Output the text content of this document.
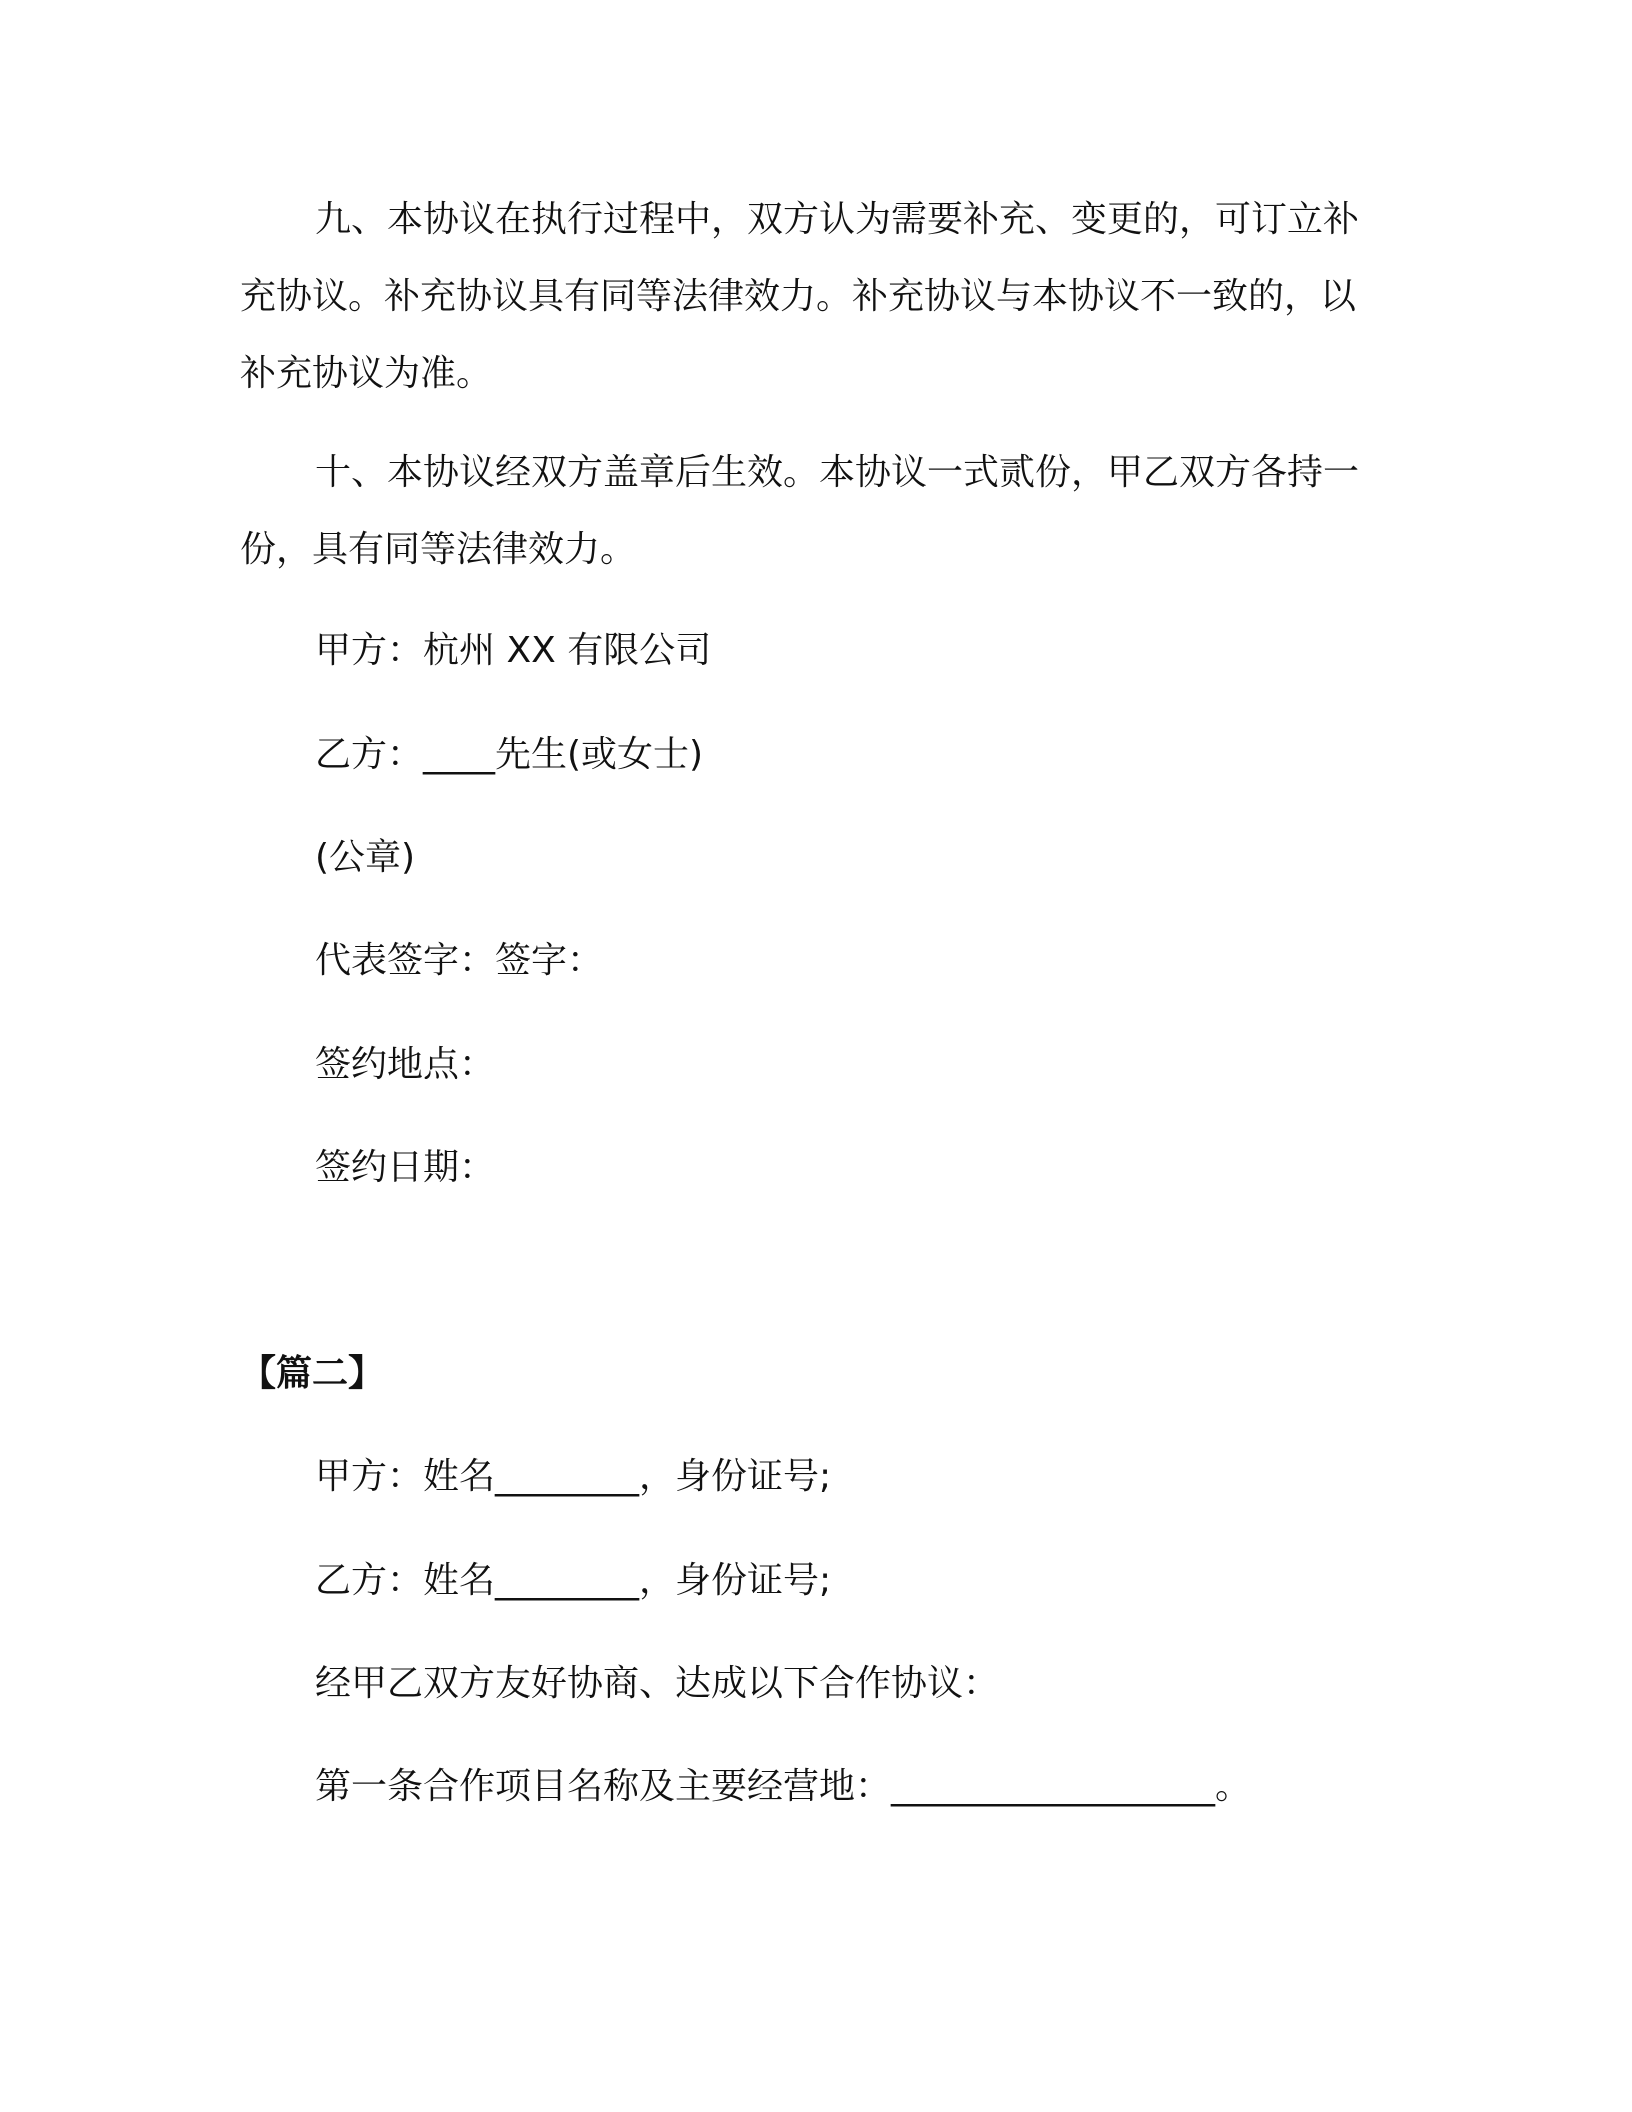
九、本协议在执行过程中，双方认为需要补充、变更的，可订立补充协议。补充协议具有同等法律效力。补充协议与本协议不一致的，以补充协议为准。

十、本协议经双方盖章后生效。本协议一式贰份，甲乙双方各持一份，具有同等法律效力。

甲方：杭州 XX 有限公司

乙方：____先生(或女士)

(公章)

代表签字：签字：

签约地点：

签约日期：

【篇二】

甲方：姓名________，身份证号;

乙方：姓名________，身份证号;

经甲乙双方友好协商、达成以下合作协议：

第一条合作项目名称及主要经营地：__________________。
